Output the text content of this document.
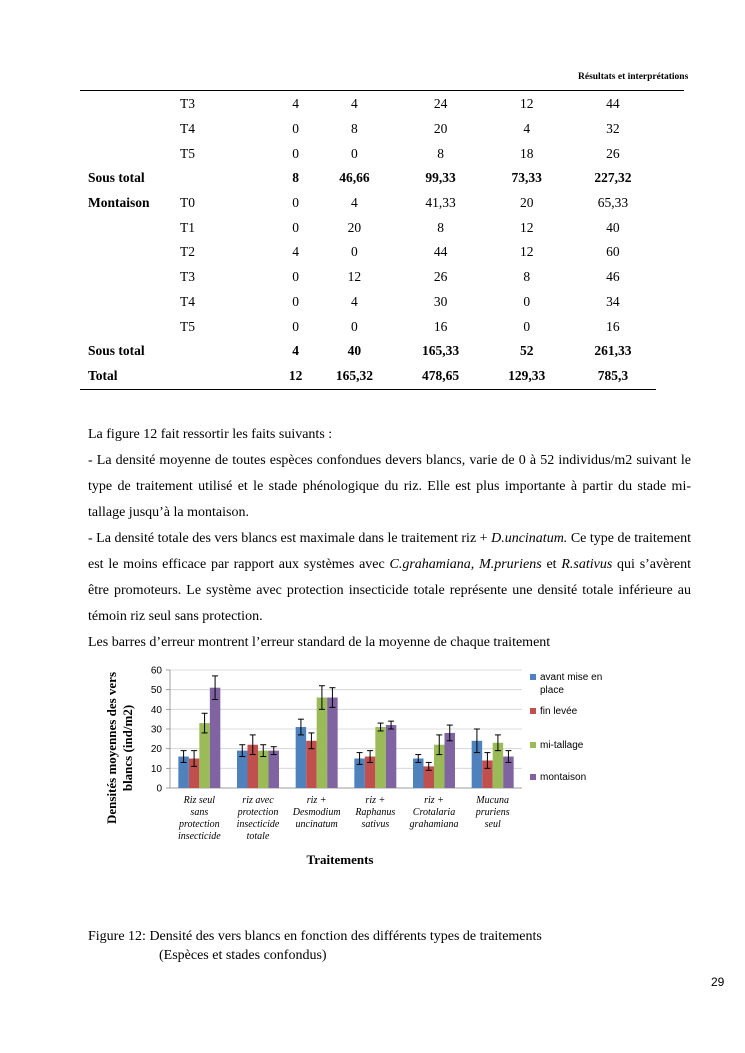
Résultats et interprétations
	T3	4	4	24	12	44
	T4	0	8	20	4	32
	T5	0	0	8	18	26
Sous total		8	46,66	99,33	73,33	227,32
Montaison	T0	0	4	41,33	20	65,33
	T1	0	20	8	12	40
	T2	4	0	44	12	60
	T3	0	12	26	8	46
	T4	0	4	30	0	34
	T5	0	0	16	0	16
Sous total		4	40	165,33	52	261,33
Total		12	165,32	478,65	129,33	785,3
La figure 12 fait ressortir les faits suivants :
- La densité moyenne de toutes espèces confondues devers blancs, varie de 0 à 52 individus/m2 suivant le type de traitement utilisé et le stade phénologique du riz. Elle est plus importante à partir du stade mi-tallage jusqu’à la montaison.
- La densité totale des vers blancs est maximale dans le traitement riz + D.uncinatum. Ce type de traitement est le moins efficace par rapport aux systèmes avec C.grahamiana, M.pruriens et R.sativus qui s’avèrent être promoteurs. Le système avec protection insecticide totale représente une densité totale inférieure au témoin riz seul sans protection.
Les barres d’erreur montrent l’erreur standard de la moyenne de chaque traitement
0
10
20
30
40
50
60
Riz seul
sans
protection
insecticide
riz avec
protection
insecticide
totale
riz +
Desmodium
uncinatum
riz +
Raphanus
sativus
riz +
Crotalaria
grahamiana
Mucuna
pruriens
seul
Densités moyennes des vers blancs (ind/m2)
Traitements
avant mise en
place
fin levée
mi-tallage
montaison
Figure 12: Densité des vers blancs en fonction des différents types de traitements
(Espèces et stades confondus)
29
